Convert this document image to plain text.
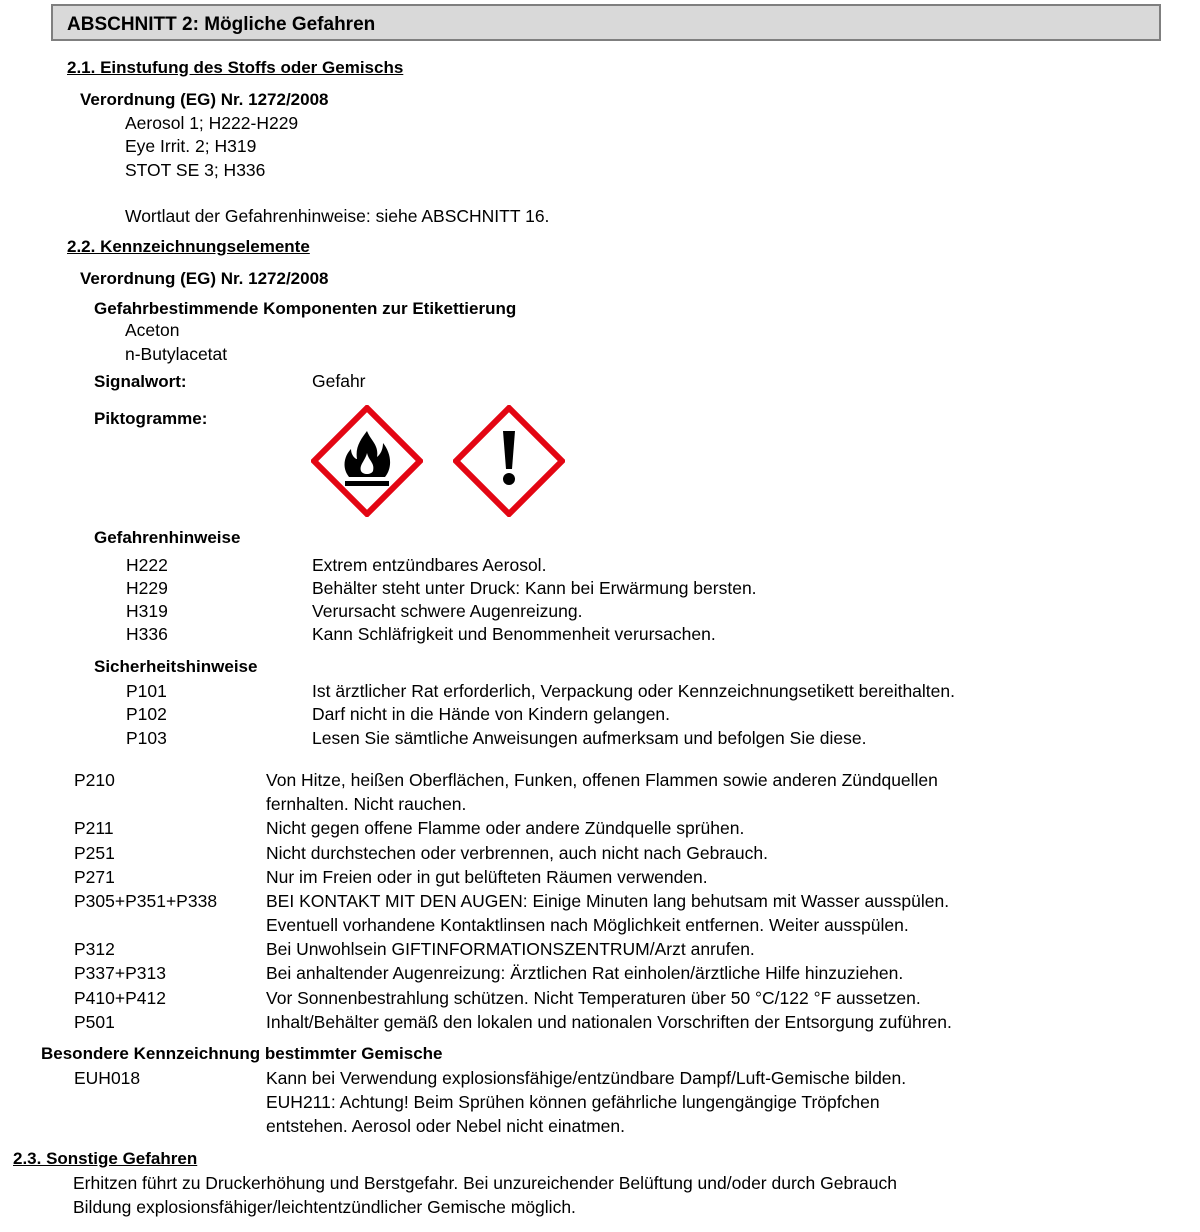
ABSCHNITT 2: Mögliche Gefahren
2.1. Einstufung des Stoffs oder Gemischs
Verordnung (EG) Nr. 1272/2008
Aerosol 1; H222-H229
Eye Irrit. 2; H319
STOT SE 3; H336
Wortlaut der Gefahrenhinweise: siehe ABSCHNITT 16.
2.2. Kennzeichnungselemente
Verordnung (EG) Nr. 1272/2008
Gefahrbestimmende Komponenten zur Etikettierung
Aceton
n-Butylacetat
Signalwort:	Gefahr
Piktogramme:
Gefahrenhinweise
H222	Extrem entzündbares Aerosol.
H229	Behälter steht unter Druck: Kann bei Erwärmung bersten.
H319	Verursacht schwere Augenreizung.
H336	Kann Schläfrigkeit und Benommenheit verursachen.
Sicherheitshinweise
P101	Ist ärztlicher Rat erforderlich, Verpackung oder Kennzeichnungsetikett bereithalten.
P102	Darf nicht in die Hände von Kindern gelangen.
P103	Lesen Sie sämtliche Anweisungen aufmerksam und befolgen Sie diese.
P210	Von Hitze, heißen Oberflächen, Funken, offenen Flammen sowie anderen Zündquellen
fernhalten. Nicht rauchen.
P211	Nicht gegen offene Flamme oder andere Zündquelle sprühen.
P251	Nicht durchstechen oder verbrennen, auch nicht nach Gebrauch.
P271	Nur im Freien oder in gut belüfteten Räumen verwenden.
P305+P351+P338	BEI KONTAKT MIT DEN AUGEN: Einige Minuten lang behutsam mit Wasser ausspülen.
Eventuell vorhandene Kontaktlinsen nach Möglichkeit entfernen. Weiter ausspülen.
P312	Bei Unwohlsein GIFTINFORMATIONSZENTRUM/Arzt anrufen.
P337+P313	Bei anhaltender Augenreizung: Ärztlichen Rat einholen/ärztliche Hilfe hinzuziehen.
P410+P412	Vor Sonnenbestrahlung schützen. Nicht Temperaturen über 50 °C/122 °F aussetzen.
P501	Inhalt/Behälter gemäß den lokalen und nationalen Vorschriften der Entsorgung zuführen.
Besondere Kennzeichnung bestimmter Gemische
EUH018	Kann bei Verwendung explosionsfähige/entzündbare Dampf/Luft-Gemische bilden.
EUH211: Achtung! Beim Sprühen können gefährliche lungengängige Tröpfchen
entstehen. Aerosol oder Nebel nicht einatmen.
2.3. Sonstige Gefahren
Erhitzen führt zu Druckerhöhung und Berstgefahr. Bei unzureichender Belüftung und/oder durch Gebrauch
Bildung explosionsfähiger/leichtentzündlicher Gemische möglich.
